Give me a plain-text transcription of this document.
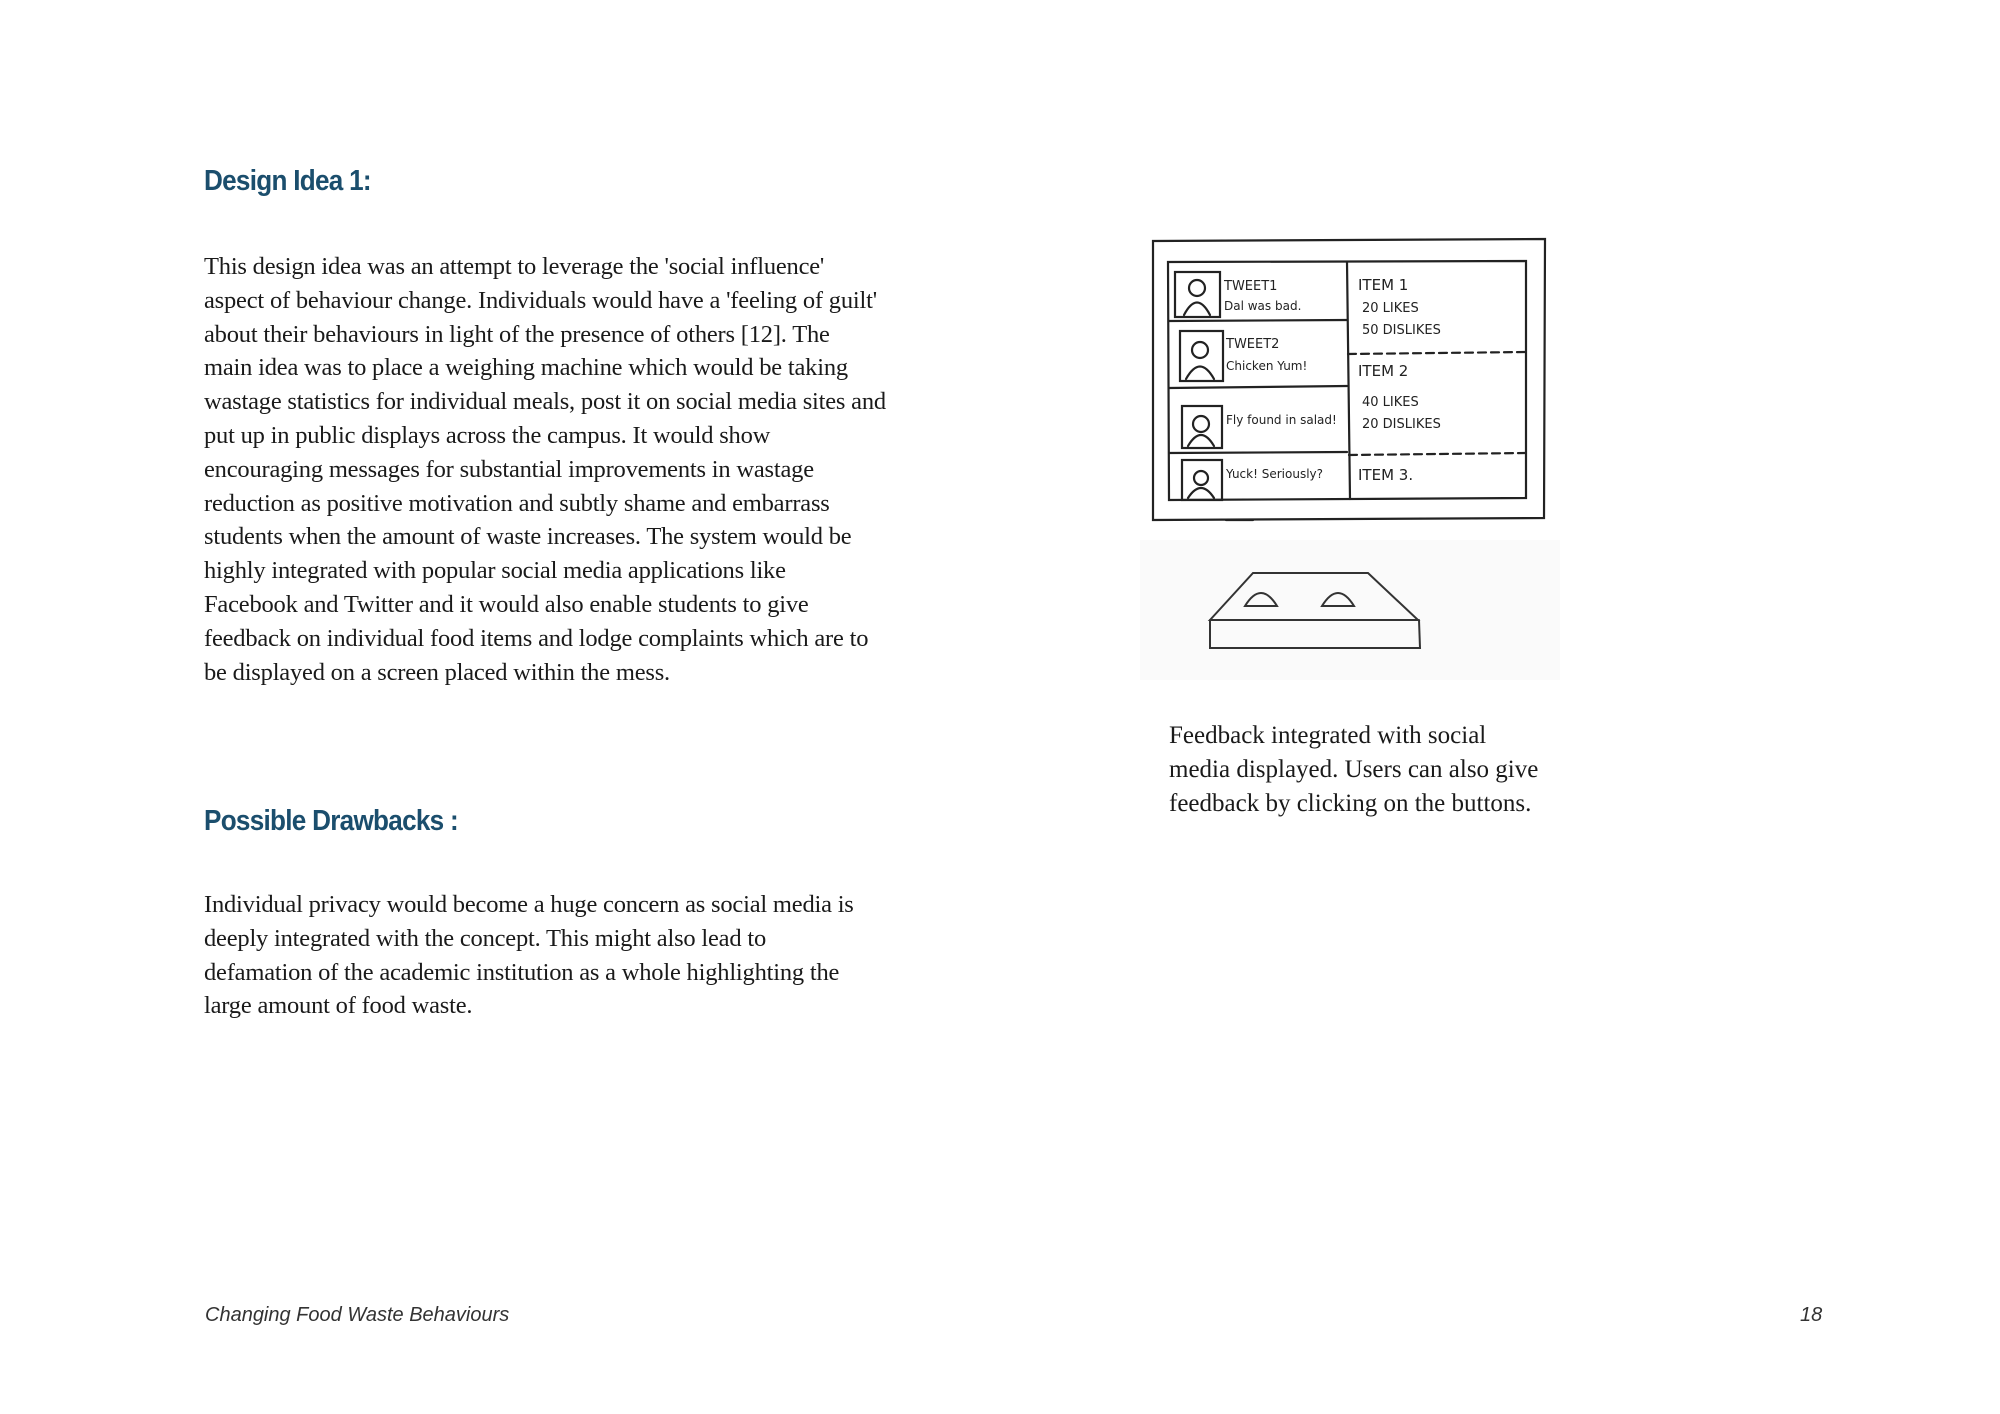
Design Idea 1:

This design idea was an attempt to leverage the 'social influence'
aspect of behaviour change. Individuals would have a 'feeling of guilt'
about their behaviours in light of the presence of others [12]. The
main idea was to place a weighing machine which would be taking
wastage statistics for individual meals, post it on social media sites and
put up in public displays across the campus. It would show
encouraging messages for substantial improvements in wastage
reduction as positive motivation and subtly shame and embarrass
students when the amount of waste increases. The system would be
highly integrated with popular social media applications like
Facebook and Twitter and it would also enable students to give
feedback on individual food items and lodge complaints which are to
be displayed on a screen placed within the mess.

Possible Drawbacks :

Individual privacy would become a huge concern as social media is
deeply integrated with the concept. This might also lead to
defamation of the academic institution as a whole highlighting the
large amount of food waste.

TWEET1
Dal was bad.
TWEET2
Chicken Yum!
Fly found in salad!
Yuck! Seriously?
ITEM 1
20 LIKES
50 DISLIKES
ITEM 2
40 LIKES
20 DISLIKES
ITEM 3.

Feedback integrated with social
media displayed. Users can also give
feedback by clicking on the buttons.

Changing Food Waste Behaviours	18
